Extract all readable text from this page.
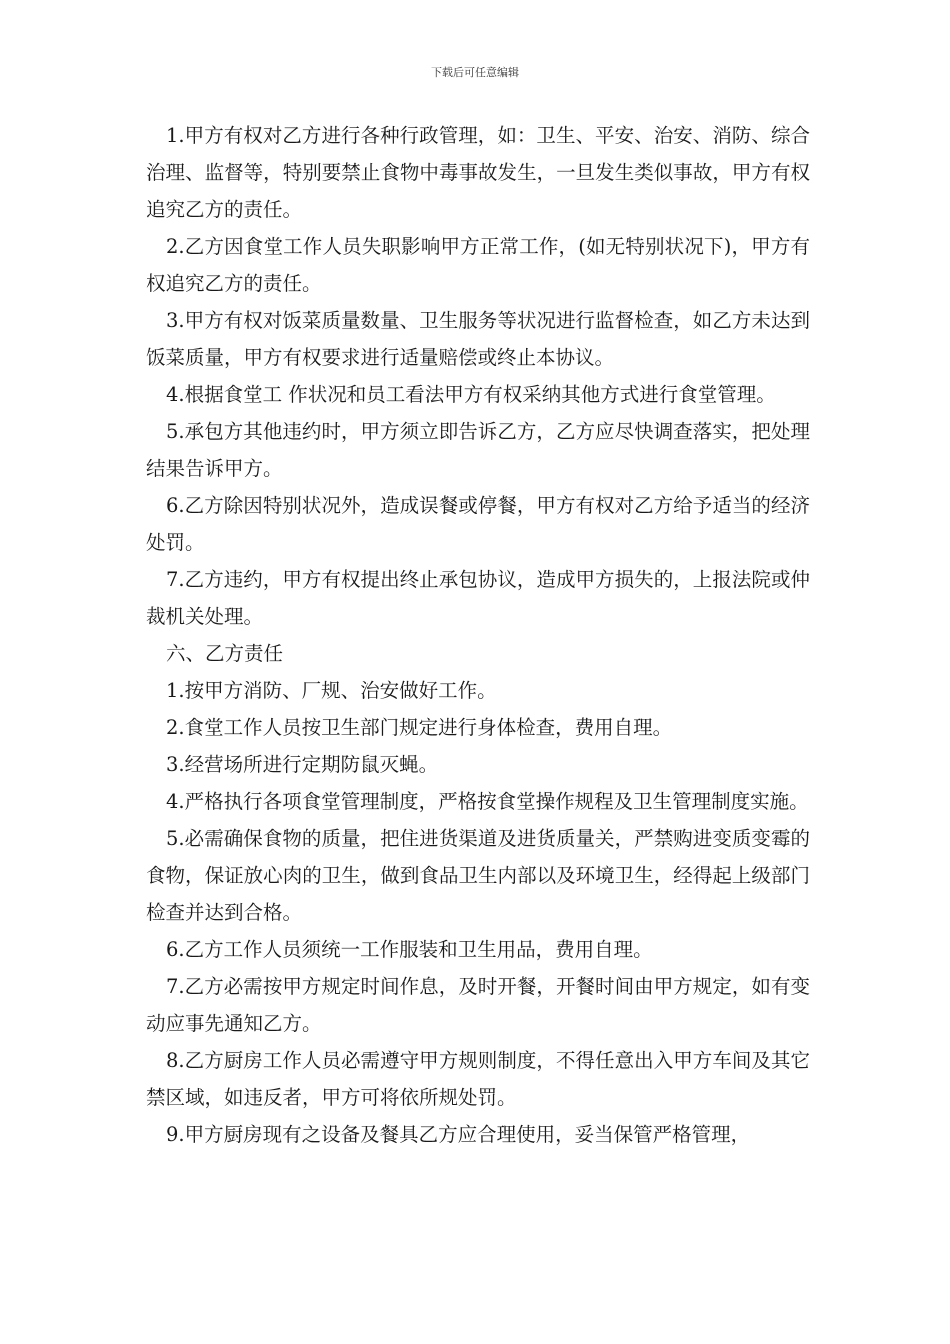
下载后可任意编辑

1.甲方有权对乙方进行各种行政管理，如：卫生、平安、治安、消防、综合治理、监督等，特别要禁止食物中毒事故发生，一旦发生类似事故，甲方有权追究乙方的责任。

2.乙方因食堂工作人员失职影响甲方正常工作，(如无特别状况下)，甲方有权追究乙方的责任。

3.甲方有权对饭菜质量数量、卫生服务等状况进行监督检查，如乙方未达到饭菜质量，甲方有权要求进行适量赔偿或终止本协议。

4.根据食堂工 作状况和员工看法甲方有权采纳其他方式进行食堂管理。

5.承包方其他违约时，甲方须立即告诉乙方，乙方应尽快调查落实，把处理结果告诉甲方。

6.乙方除因特别状况外，造成误餐或停餐，甲方有权对乙方给予适当的经济处罚。

7.乙方违约，甲方有权提出终止承包协议，造成甲方损失的，上报法院或仲裁机关处理。

六、乙方责任

1.按甲方消防、厂规、治安做好工作。

2.食堂工作人员按卫生部门规定进行身体检查，费用自理。

3.经营场所进行定期防鼠灭蝇。

4.严格执行各项食堂管理制度，严格按食堂操作规程及卫生管理制度实施。

5.必需确保食物的质量，把住进货渠道及进货质量关，严禁购进变质变霉的食物，保证放心肉的卫生，做到食品卫生内部以及环境卫生，经得起上级部门检查并达到合格。

6.乙方工作人员须统一工作服装和卫生用品，费用自理。

7.乙方必需按甲方规定时间作息，及时开餐，开餐时间由甲方规定，如有变动应事先通知乙方。

8.乙方厨房工作人员必需遵守甲方规则制度，不得任意出入甲方车间及其它禁区域，如违反者，甲方可将依所规处罚。

9.甲方厨房现有之设备及餐具乙方应合理使用，妥当保管严格管理，
